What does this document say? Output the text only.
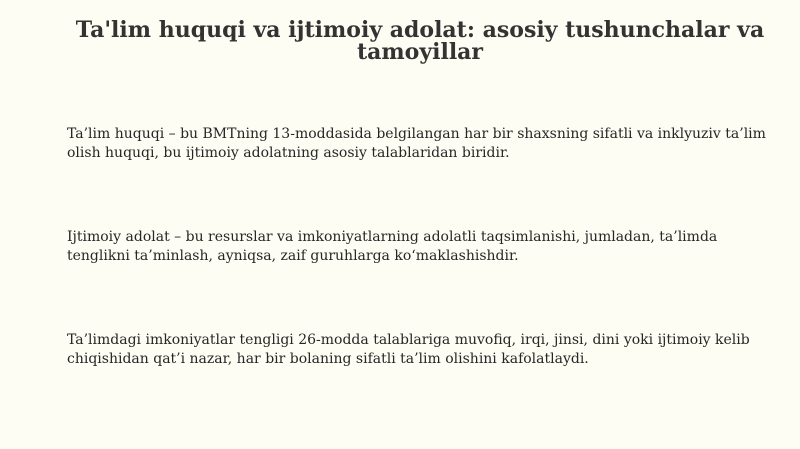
Ta'lim huquqi va ijtimoiy adolat: asosiy tushunchalar va tamoyillar

Ta’lim huquqi – bu BMTning 13-moddasida belgilangan har bir shaxsning sifatli va inklyuziv ta’lim olish huquqi, bu ijtimoiy adolatning asosiy talablaridan biridir.

Ijtimoiy adolat – bu resurslar va imkoniyatlarning adolatli taqsimlanishi, jumladan, ta’limda tenglikni ta’minlash, ayniqsa, zaif guruhlarga ko‘maklashishdir.

Ta’limdagi imkoniyatlar tengligi 26-modda talablariga muvofiq, irqi, jinsi, dini yoki ijtimoiy kelib chiqishidan qat’i nazar, har bir bolaning sifatli ta’lim olishini kafolatlaydi.
